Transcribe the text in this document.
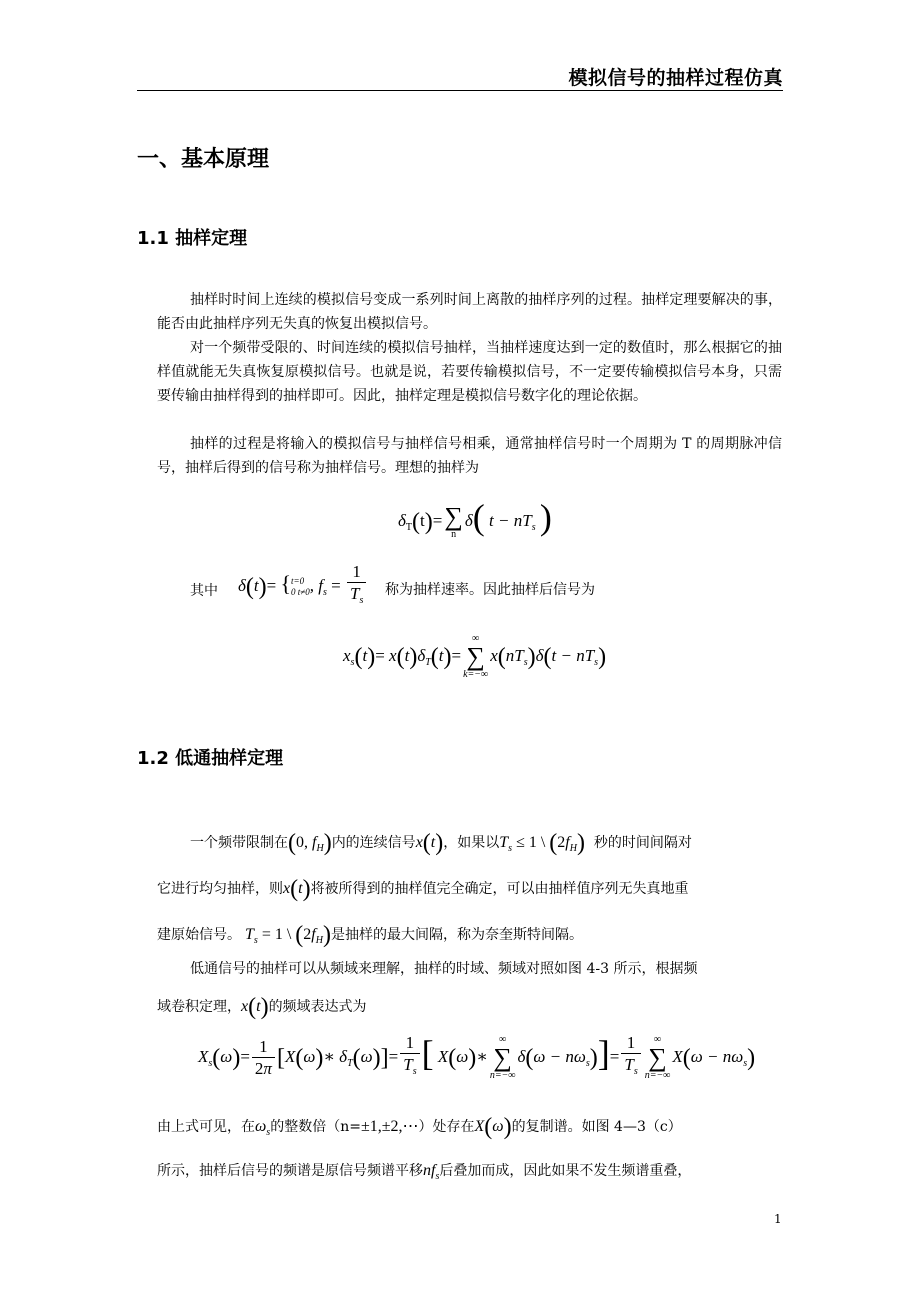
模拟信号的抽样过程仿真
一、基本原理
1.1 抽样定理
抽样时时间上连续的模拟信号变成一系列时间上离散的抽样序列的过程。抽样定理要解决的事，能否由此抽样序列无失真的恢复出模拟信号。
对一个频带受限的、时间连续的模拟信号抽样，当抽样速度达到一定的数值时，那么根据它的抽样值就能无失真恢复原模拟信号。也就是说，若要传输模拟信号，不一定要传输模拟信号本身，只需要传输由抽样得到的抽样即可。因此，抽样定理是模拟信号数字化的理论依据。
抽样的过程是将输入的模拟信号与抽样信号相乘，通常抽样信号时一个周期为 T 的周期脉冲信号，抽样后得到的信号称为抽样信号。理想的抽样为
$\delta_T(t)=$ ∑
n
δ( $t - nT_s$ )
其中 δ(t)= { t=0
0 t≠0 , $f_s = \frac{1}{T_s}$ 称为抽样速率。因此抽样后信号为
$x_s(t)= x(t)\delta_T(t)=$
∞
∑
k=−∞
$x(nT_s)\delta(t - nT_s)$
1.2 低通抽样定理
一个频带限制在(0, $f_H$)内的连续信号x(t)，如果以$T_s \le 1$ \ $(2f_H)$ 秒的时间间隔对
它进行均匀抽样，则x(t)将被所得到的抽样值完全确定，可以由抽样值序列无失真地重
建原始信号。 $T_s = 1$ \ $(2f_H)$是抽样的最大间隔，称为奈奎斯特间隔。
低通信号的抽样可以从频域来理解，抽样的时域、频域对照如图 4-3 所示，根据频
域卷积定理，x(t)的频域表达式为
$X_s(\omega)= \frac{1}{2\pi}$ [X(ω)∗ $\delta_T(\omega)]= \frac{1}{T_s}$ [ X(ω)∗
∞
∑
n=−∞
$\delta(\omega - n\omega_s)]= \frac{1}{T_s}$	∞
∑
n=−∞
$X(\omega - n\omega_s)$
由上式可见，在$\omega_s$的整数倍（n=±1,±2,⋯）处存在X(ω)的复制谱。如图 4—3（c）
所示，抽样后信号的频谱是原信号频谱平移$nf_s$后叠加而成，因此如果不发生频谱重叠，
1
